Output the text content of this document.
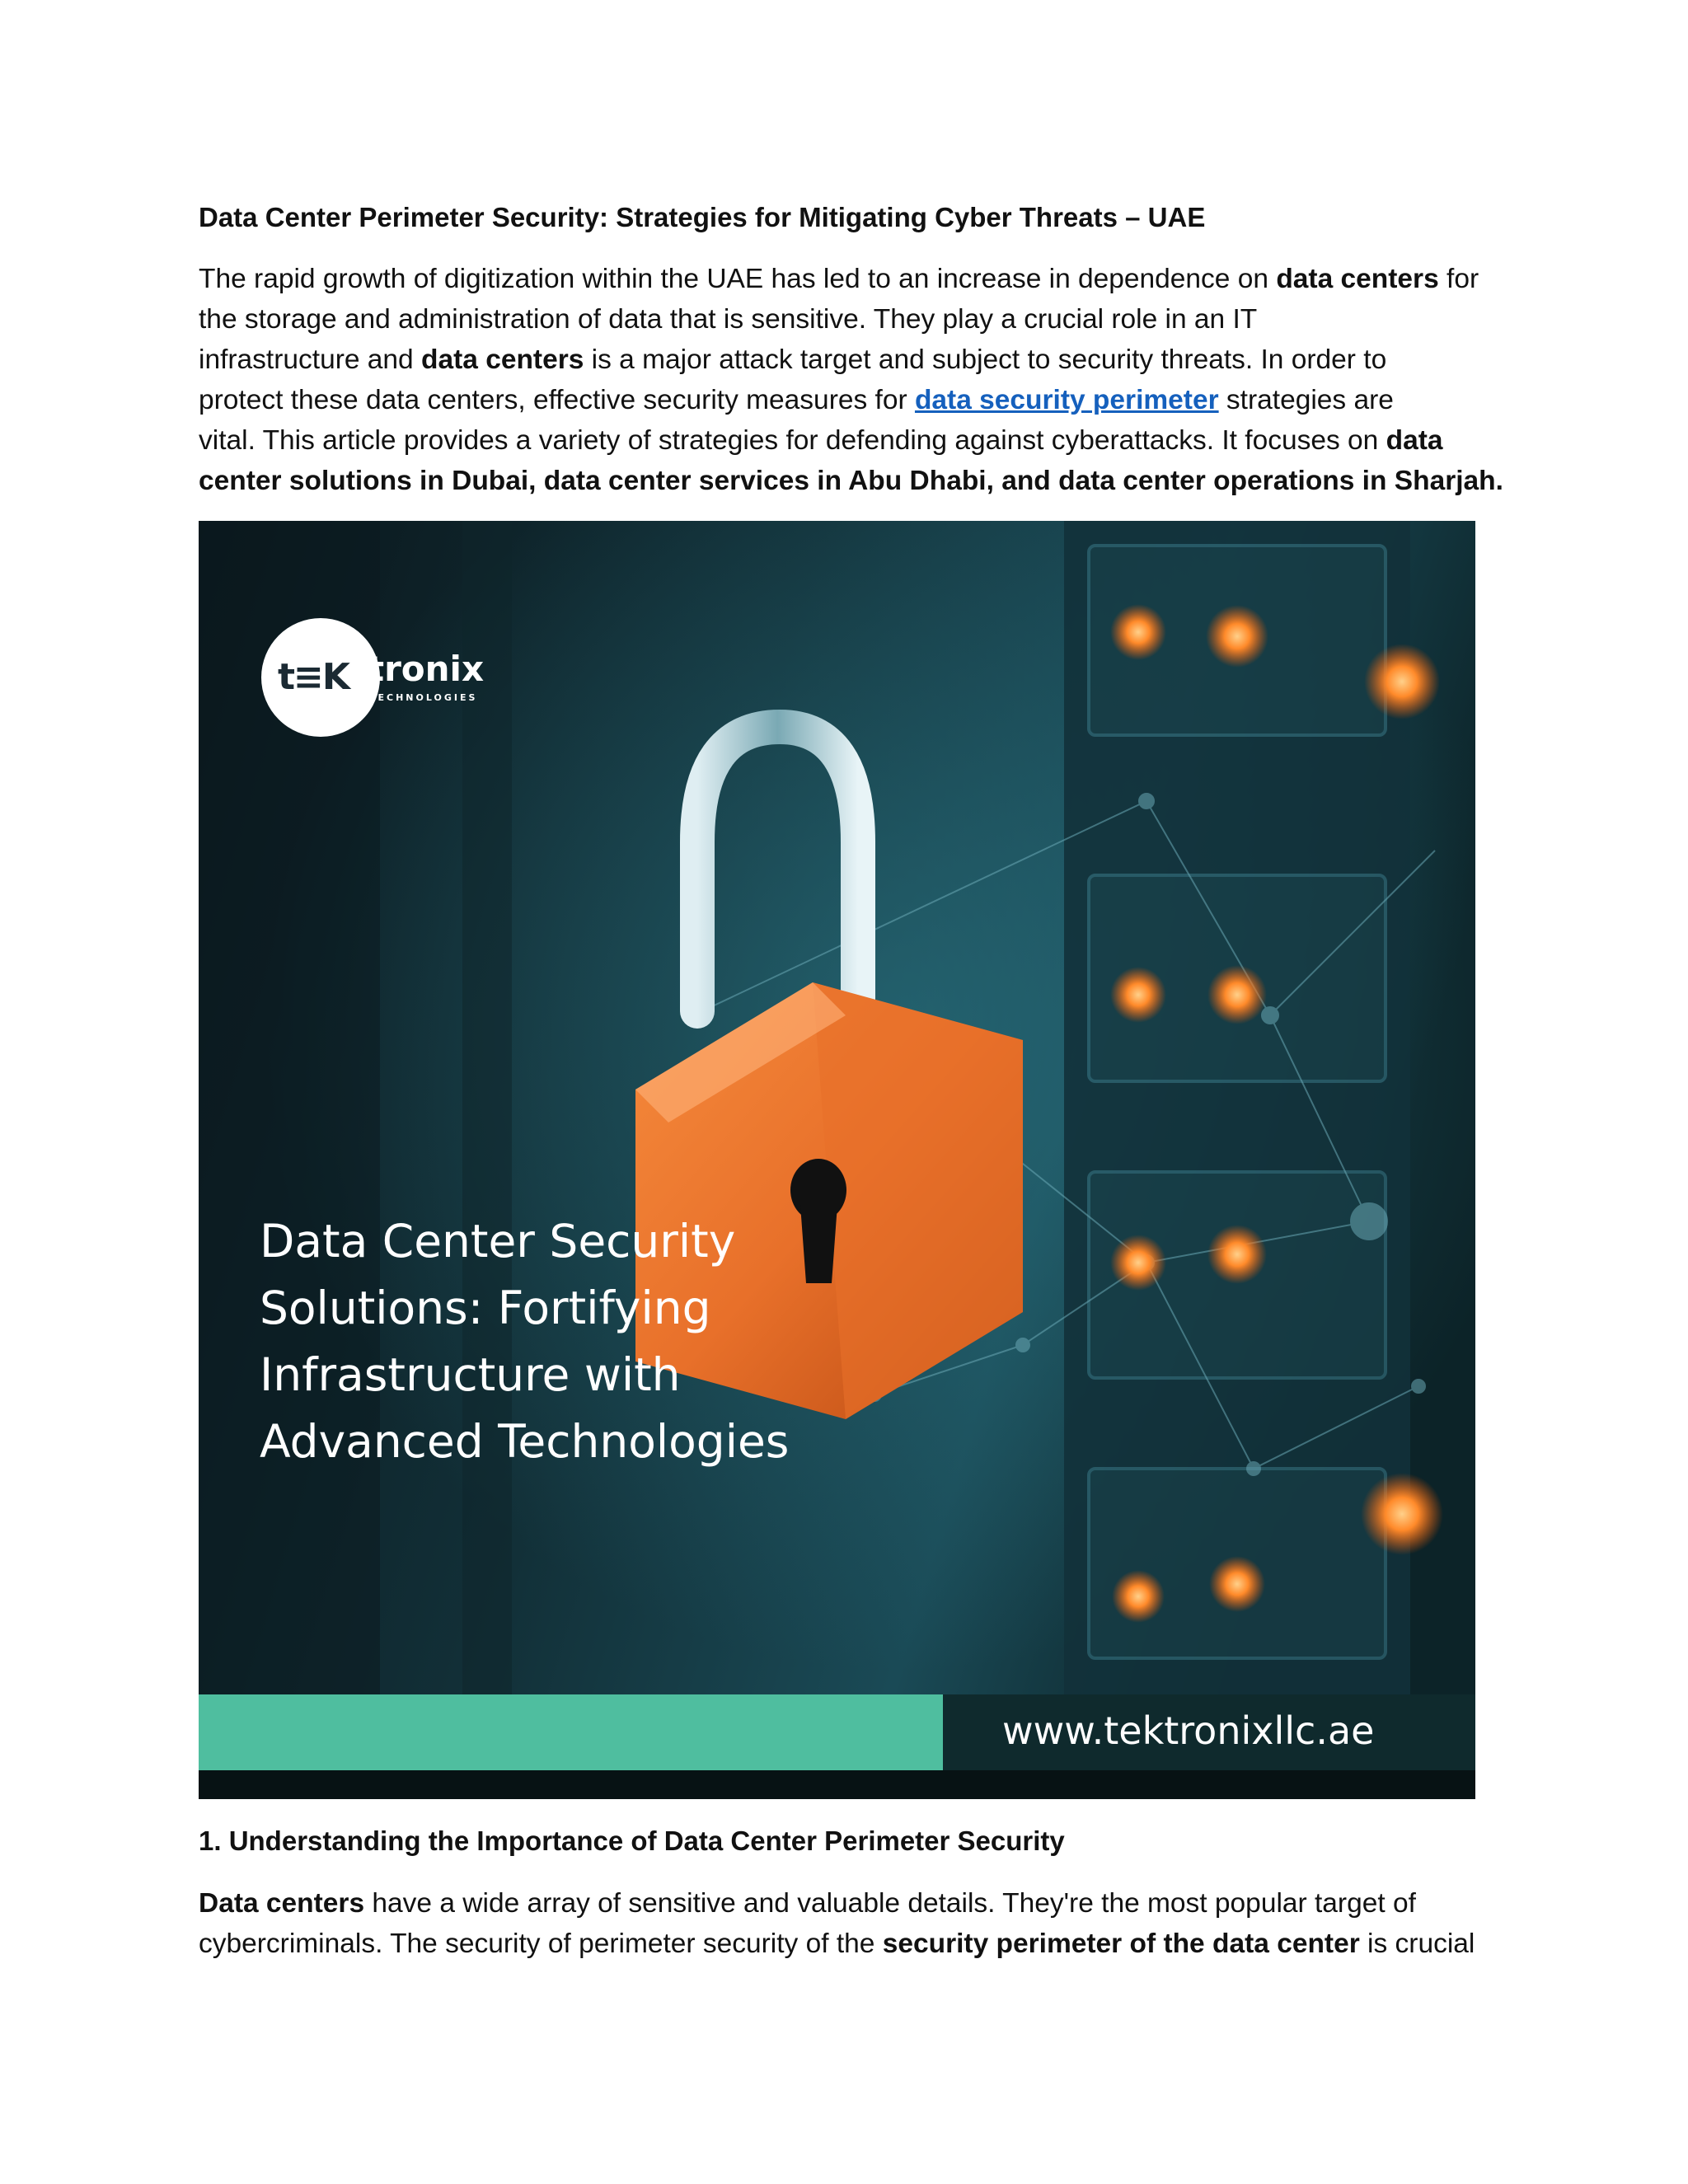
Data Center Perimeter Security: Strategies for Mitigating Cyber Threats – UAE
The rapid growth of digitization within the UAE has led to an increase in dependence on data centers for
the storage and administration of data that is sensitive. They play a crucial role in an IT
infrastructure and data centers is a major attack target and subject to security threats. In order to
protect these data centers, effective security measures for data security perimeter strategies are
vital. This article provides a variety of strategies for defending against cyberattacks. It focuses on data
center solutions in Dubai, data center services in Abu Dhabi, and data center operations in Sharjah.
t≡K tronix
TECHNOLOGIES
Data Center Security
Solutions: Fortifying
Infrastructure with
Advanced Technologies
www.tektronixllc.ae
1. Understanding the Importance of Data Center Perimeter Security
Data centers have a wide array of sensitive and valuable details. They're the most popular target of
cybercriminals. The security of perimeter security of the security perimeter of the data center is crucial
